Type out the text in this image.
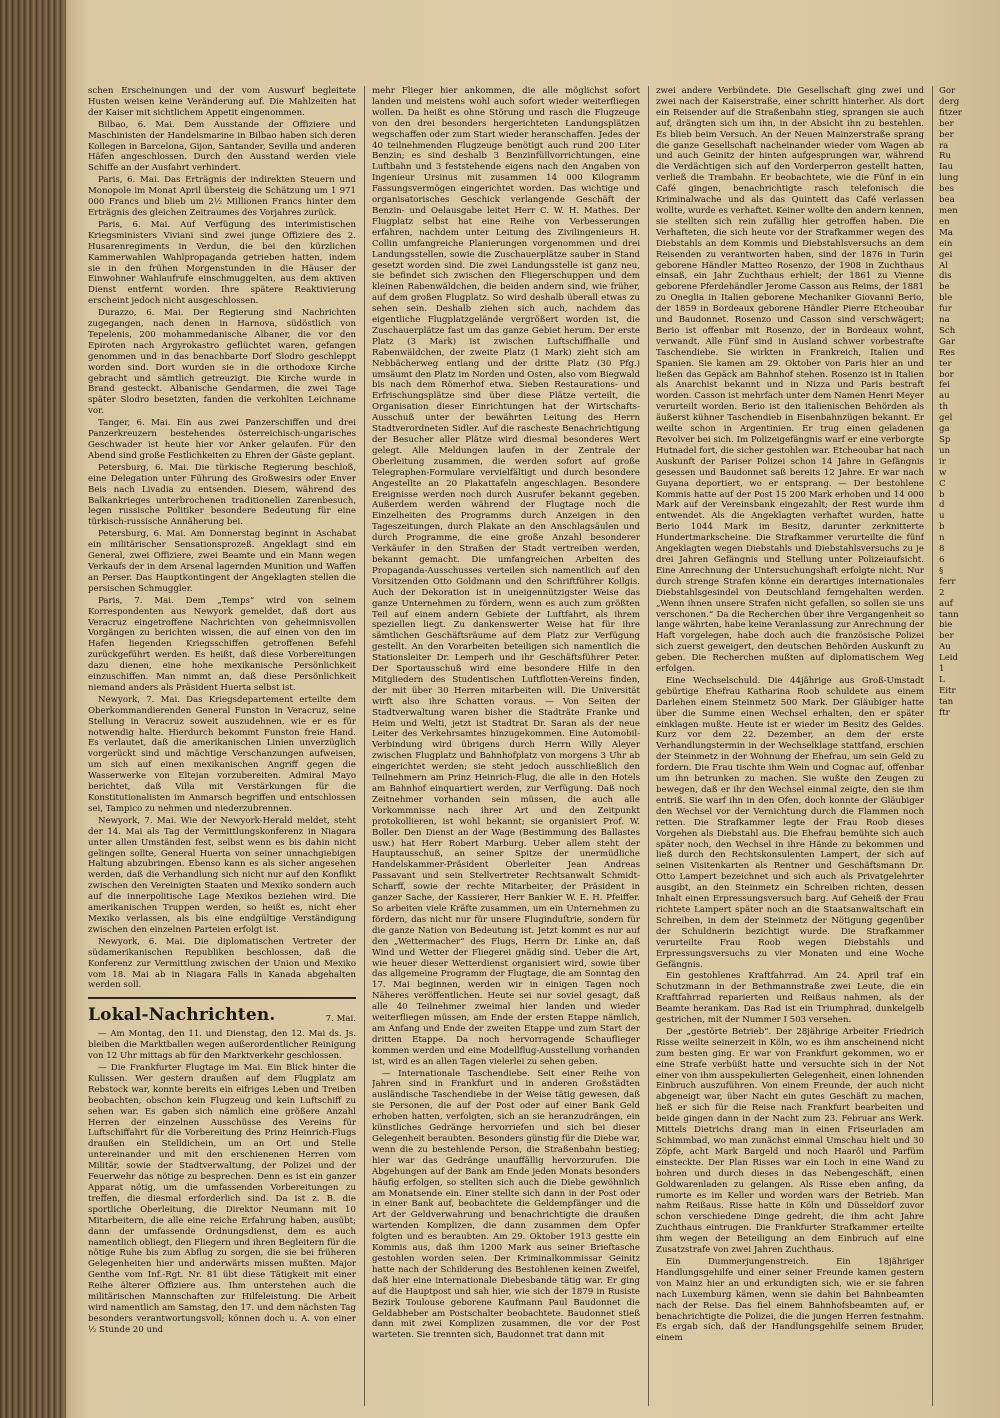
schen Erscheinungen und der vom Auswurf begleitete Husten weisen keine Veränderung auf. Die Mahlzeiten hat der Kaiser mit sichtlichem Appetit eingenommen.

Bilbao, 6. Mai. Dem Ausstande der Offiziere und Maschinisten der Handelsmarine in Bilbao haben sich deren Kollegen in Barcelona, Gijon, Santander, Sevilla und anderen Häfen angeschlossen. Durch den Ausstand werden viele Schiffe an der Ausfahrt verhindert.

Paris, 6. Mai. Das Erträgnis der indirekten Steuern und Monopole im Monat April übersteig die Schätzung um 1 971 000 Francs und blieb um 2½ Millionen Francs hinter dem Erträgnis des gleichen Zeitraumes des Vorjahres zurück.

Paris, 6. Mai. Auf Verfügung des interimistischen Kriegsministers Viviani sind zwei junge Offiziere des 2. Husarenregiments in Verdun, die bei den kürzlichen Kammerwahlen Wahlpropaganda getrieben hatten, indem sie in den frühen Morgenstunden in die Häuser der Einwohner Wahlaufrufe einschmuggelten, aus dem aktiven Dienst entfernt worden. Ihre spätere Reaktivierung erscheint jedoch nicht ausgeschlossen.

Durazzo, 6. Mai. Der Regierung sind Nachrichten zugegangen, nach denen in Harnova, südöstlich von Tepelenis, 200 mohammedanische Albaner, die vor den Epiroten nach Argyrokastro geflüchtet waren, gefangen genommen und in das benachbarte Dorf Slodro geschleppt worden sind. Dort wurden sie in die orthodoxe Kirche gebracht und sämtlich getreuzigt. Die Kirche wurde in Brand gesteckt. Albanische Gendarmen, die zwei Tage später Slodro besetzten, fanden die verkohlten Leichname vor.

Tanger, 6. Mai. Ein aus zwei Panzerschiffen und drei Panzerkreuzern bestehendes österreichisch-ungarisches Geschwader ist heute hier vor Anker gelaufen. Für den Abend sind große Festlichkeiten zu Ehren der Gäste geplant.

Petersburg, 6. Mai. Die türkische Regierung beschloß, eine Delegation unter Führung des Großwesirs oder Enver Beis nach Livadia zu entsenden. Diesem, während des Balkankrieges unterbrochenen traditionellen Zarenbesuch, legen russische Politiker besondere Bedeutung für eine türkisch-russische Annäherung bei.

Petersburg, 6. Mai. Am Donnerstag beginnt in Aschabat ein militärischer Sensationsprozeß. Angeklagt sind ein General, zwei Offiziere, zwei Beamte und ein Mann wegen Verkaufs der in dem Arsenal lagernden Munition und Waffen an Perser. Das Hauptkontingent der Angeklagten stellen die persischen Schmuggler.

Paris, 7. Mai. Dem „Temps“ wird von seinem Korrespondenten aus Newyork gemeldet, daß dort aus Veracruz eingetroffene Nachrichten von geheimnisvollen Vorgängen zu berichten wissen, die auf einen von den im Hafen liegenden Kriegsschiffen getroffenen Befehl zurückgeführt werden. Es heißt, daß diese Vorbereitungen dazu dienen, eine hohe mexikanische Persönlichkeit einzuschiffen. Man nimmt an, daß diese Persönlichkeit niemand anders als Präsident Huerta selbst ist.

Newyork, 7. Mai. Das Kriegsdepartement erteilte dem Oberkommandierenden General Funston in Veracruz, seine Stellung in Veracruz soweit auszudehnen, wie er es für notwendig halte. Hierdurch bekommt Funston freie Hand. Es verlautet, daß die amerikanischen Linien unverzüglich vorgerückt sind und mächtige Verschanzungen aufweisen, um sich auf einen mexikanischen Angriff gegen die Wasserwerke von Eltejan vorzubereiten. Admiral Mayo berichtet, daß Villa mit Verstärkungen für die Konstitutionalisten im Anmarsch begriffen und entschlossen sei, Tampico zu nehmen und niederzubrennen.

Newyork, 7. Mai. Wie der Newyork-Herald meldet, steht der 14. Mai als Tag der Vermittlungskonferenz in Niagara unter allen Umständen fest, selbst wenn es bis dahin nicht gelingen sollte, General Huerta von seiner unnachgiebigen Haltung abzubringen. Ebenso kann es als sicher angesehen werden, daß die Verhandlung sich nicht nur auf den Konflikt zwischen den Vereinigten Staaten und Mexiko sondern auch auf die innerpolitische Lage Mexikos beziehen wird. Die amerikanischen Truppen werden, so heißt es, nicht eher Mexiko verlassen, als bis eine endgültige Verständigung zwischen den einzelnen Parteien erfolgt ist.

Newyork, 6. Mai. Die diplomatischen Vertreter der südamerikanischen Republiken beschlossen, daß die Konferenz zur Vermittlung zwischen der Union und Mexiko vom 18. Mai ab in Niagara Falls in Kanada abgehalten werden soll.

Lokal-Nachrichten.	7. Mai.

— Am Montag, den 11. und Dienstag, den 12. Mai ds. Js. bleiben die Marktballen wegen außerordentlicher Reinigung von 12 Uhr mittags ab für den Marktverkehr geschlossen.

— Die Frankfurter Flugtage im Mai. Ein Blick hinter die Kulissen. Wer gestern draußen auf dem Flugplatz am Rebstock war, konnte bereits ein eifriges Leben und Treiben beobachten, obschon kein Flugzeug und kein Luftschiff zu sehen war. Es gaben sich nämlich eine größere Anzahl Herren der einzelnen Ausschüsse des Vereins für Luftschiffahrt für die Vorbereitung des Prinz Heinrich-Flugs draußen ein Stelldichein, um an Ort und Stelle untereinander und mit den erschienenen Herren vom Militär, sowie der Stadtverwaltung, der Polizei und der Feuerwehr das nötige zu besprechen. Denn es ist ein ganzer Apparat nötig, um die umfassenden Vorbereitungen zu treffen, die diesmal erforderlich sind. Da ist z. B. die sportliche Oberleitung, die Direktor Neumann mit 10 Mitarbeitern, die alle eine reiche Erfahrung haben, ausübt; dann der umfassende Ordnungsdienst, dem es auch namentlich obliegt, den Fliegern und ihren Begleitern für die nötige Ruhe bis zum Abflug zu sorgen, die sie bei früheren Gelegenheiten hier und anderwärts missen mußten. Major Genthe vom Inf.-Rgt. Nr. 81 übt diese Tätigkeit mit einer Reihe älterer Offiziere aus. Ihm unterstehen auch die militärischen Mannschaften zur Hilfeleistung. Die Arbeit wird namentlich am Samstag, den 17. und dem nächsten Tag besonders verantwortungsvoll; können doch u. A. von einer ½ Stunde 20 und

mehr Flieger hier ankommen, die alle möglichst sofort landen und meistens wohl auch sofort wieder weiterfliegen wollen. Da heißt es ohne Störung und rasch die Flugzeuge von den drei besonders hergerichteten Landungsplätzen wegschaffen oder zum Start wieder heranschaffen. Jedes der 40 teilnehmenden Flugzeuge benötigt auch rund 200 Liter Benzin; es sind deshalb 3 Benzinfüllvorrichtungen, eine Luftbahn und 3 feststehende eigens nach den Angaben von Ingenieur Ursinus mit zusammen 14 000 Kilogramm Fassungsvermögen eingerichtet worden. Das wichtige und organisatorisches Geschick verlangende Geschäft der Benzin- und Oelausgabe leitet Herr C. W. H. Mathes. Der Flugplatz selbst hat eine Reihe von Verbesserungen erfahren, nachdem unter Leitung des Zivilingenieurs H. Collin umfangreiche Planierungen vorgenommen und drei Landungsstellen, sowie die Zuschauerplätze sauber in Stand gesetzt worden sind. Die zwei Landungsstelle ist ganz neu, sie befindet sich zwischen den Fliegerschuppen und dem kleinen Rabenwäldchen, die beiden andern sind, wie früher, auf dem großen Flugplatz. So wird deshalb überall etwas zu sehen sein. Deshalb ziehen sich auch, nachdem das eigentliche Flugplatzgelände vergrößert worden ist, die Zuschauerplätze fast um das ganze Gebiet herum. Der erste Platz (3 Mark) ist zwischen Luftschiffhalle und Rabenwäldchen, der zweite Platz (1 Mark) zieht sich am Nebbächerweg entlang und der dritte Platz (30 Pfg.) umsäumt den Platz im Norden und Osten, also vom Biegwald bis nach dem Römerhof etwa. Sieben Restaurations- und Erfrischungsplätze sind über diese Plätze verteilt, die Organisation dieser Einrichtungen hat der Wirtschafts-Ausschuß unter der bewährten Leitung des Herrn Stadtverordneten Sidler. Auf die rascheste Benachrichtigung der Besucher aller Plätze wird diesmal besonderes Wert gelegt. Alle Meldungen laufen in der Zentrale der Oberleitung zusammen, die werden sofort auf große Telegraphen-Formulare vervielfältigt und durch besondere Angestellte an 20 Plakattafeln angeschlagen. Besondere Ereignisse werden noch durch Ausrufer bekannt gegeben. Außerdem werden während der Flugtage noch die Einzelheiten des Programms durch Anzeigen in den Tageszeitungen, durch Plakate an den Anschlagsäulen und durch Programme, die eine große Anzahl besonderer Verkäufer in den Straßen der Stadt vertreiben werden, bekannt gemacht. Die umfangreichen Arbeiten des Propaganda-Ausschusses verteilen sich namentlich auf den Vorsitzenden Otto Goldmann und den Schriftführer Kollgis. Auch der Dekoration ist in uneigennützigster Weise das ganze Unternehmen zu fördern, wenn es auch zum größten Teil auf einem andern Gebiete der Luftfahrt, als ihrem speziellen liegt. Zu dankenswerter Weise hat für ihre sämtlichen Geschäftsräume auf dem Platz zur Verfügung gestellt. An den Vorarbeiten beteiligen sich namentlich die Stationsleiter Dr. Lemperh und ihr Geschäftsführer Peter. Der Sportausschuß wird eine besondere Hilfe in den Mitgliedern des Studentischen Luftflotten-Vereins finden, der mit über 30 Herren mitarbeiten will. Die Universität wirft also ihre Schatten voraus. — Von Seiten der Stadtverwaltung waren bisher die Stadträte Franke und Heim und Welti, jetzt ist Stadtrat Dr. Saran als der neue Leiter des Verkehrsamtes hinzugekommen. Eine Automobil-Verbindung wird übrigens durch Herrn Willy Aleyer zwischen Flugplatz und Bahnhofplatz von morgens 3 Uhr ab eingerichtet werden; sie steht jedoch ausschließlich den Teilnehmern am Prinz Heinrich-Flug, die alle in den Hotels am Bahnhof einquartiert werden, zur Verfügung. Daß noch Zeitnehmer vorhanden sein müssen, die auch alle Vorkommnisse nach ihrer Art und den Zeitpunkt protokollieren, ist wohl bekannt; sie organisiert Prof. W. Boller. Den Dienst an der Wage (Bestimmung des Ballastes usw.) hat Herr Robert Marburg. Ueber allem steht der Hauptausschuß, an seiner Spitze der unermüdliche Handelskammer-Präsident Oberleiter Jean Andreas Passavant und sein Stellvertreter Rechtsanwalt Schmidt-Scharff, sowie der rechte Mitarbeiter, der Präsident in ganzer Sache, der Kassierer, Herr Bankier W. E. H. Pfeiffer. So arbeiten viele Kräfte zusammen, um ein Unternehmen zu fördern, das nicht nur für unsere Fluginduſtrie, sondern für die ganze Nation von Bedeutung ist. Jetzt kommt es nur auf den „Wettermacher“ des Flugs, Herrn Dr. Linke an, daß Wind und Wetter der Fliegerei gnädig sind. Ueber die Art, wie heuer dieser Wetterdienst organisiert wird, sowie über das allgemeine Programm der Flugtage, die am Sonntag den 17. Mai beginnen, werden wir in einigen Tagen noch Näheres veröffentlichen. Heute sei nur soviel gesagt, daß alle 40 Teilnehmer zweimal hier landen und wieder weiterfliegen müssen, am Ende der ersten Etappe nämlich, am Anfang und Ende der zweiten Etappe und zum Start der dritten Etappe. Da noch hervorragende Schauflieger kommen werden und eine Modellflug-Ausstellung vorhanden ist, wird es an allen Tagen vielerlei zu sehen geben.

— Internationale Taschendiebe. Seit einer Reihe von Jahren sind in Frankfurt und in anderen Großstädten ausländische Taschendiebe in der Weise tätig gewesen, daß sie Personen, die auf der Post oder auf einer Bank Geld erhoben hatten, verfolgten, sich an sie heranzudrängen, ein künstliches Gedränge hervorriefen und sich bei dieser Gelegenheit beraubten. Besonders günstig für die Diebe war, wenn die zu bestehlende Person, die Straßenbahn bestieg; hier war das Gedränge unauffällig hervorzurufen. Die Abgehungen auf der Bank am Ende jeden Monats besonders häufig erfolgen, so stellten sich auch die Diebe gewöhnlich am Monatsende ein. Einer stellte sich dann in der Post oder in einer Bank auf, beobachtete die Geldempfänger und die Art der Geldverwahrung und benachrichtigte die draußen wartenden Komplizen, die dann zusammen dem Opfer folgten und es beraubten. Am 29. Oktober 1913 gestte ein Kommis aus, daß ihm 1200 Mark aus seiner Brieftasche gestohlen worden seien. Der Kriminalkommissar Geinitz hatte nach der Schilderung des Bestohlenen keinen Zweifel, daß hier eine internationale Diebesbande tätig war. Er ging auf die Hauptpost und sah hier, wie sich der 1879 in Rusiste Bezirk Toulouse geborene Kaufmann Paul Baudonnet die Geldabheber am Postschalter beobachtete. Baudonnet stieß dann mit zwei Komplizen zusammen, die vor der Post warteten. Sie trennten sich, Baudonnet trat dann mit

zwei andere Verbündete. Die Gesellschaft ging zwei und zwei nach der Kaiserstraße, einer schritt hinterher. Als dort ein Reisender auf die Straßenbahn stieg, sprangen sie auch auf, drängten sich um ihn, in der Absicht ihn zu bestehlen. Es blieb beim Versuch. An der Neuen Mainzerstraße sprang die ganze Gesellschaft nacheinander wieder vom Wagen ab und auch Geinitz der hinten aufgesprungen war, während die Verdächtigen sich auf den Vorderperron gestellt hatten, verließ die Trambahn. Er beobachtete, wie die Fünf in ein Café gingen, benachrichtigte rasch telefonisch die Kriminalwache und als das Quintett das Café verlassen wollte, wurde es verhaftet. Keiner wollte den andern kennen, sie stellten sich rein zufällig hier getroffen haben. Die Verhafteten, die sich heute vor der Strafkammer wegen des Diebstahls an dem Kommis und Diebstahlsversuchs an dem Reisenden zu verantworten haben, sind der 1876 in Turin geborene Händler Matteo Rosenzo, der 1908 in Zuchthaus einsaß, ein Jahr Zuchthaus erhielt; der 1861 zu Vienne geborene Pferdehändler Jerome Casson aus Reims, der 1881 zu Oneglia in Italien geborene Mechaniker Giovanni Berio, der 1859 in Bordeaux geborene Händler Pierre Etcheoubar und Baudonnet. Rosenzo und Casson sind verschwägert; Berio ist offenbar mit Rosenzo, der in Bordeaux wohnt, verwandt. Alle Fünf sind in Ausland schwer vorbestrafte Taschendiebe. Sie wirkten in Frankreich, Italien und Spanien. Sie kamen am 29. Oktober von Paris hier an und ließen das Gepäck am Bahnhof stehen. Rosenzo ist in Italien als Anarchist bekannt und in Nizza und Paris bestraft worden. Casson ist mehrfach unter dem Namen Henri Meyer verurteilt worden. Berio ist den italienischen Behörden als äußerst kühner Taschendieb in Eisenbahnzügen bekannt. Er weilte schon in Argentinien. Er trug einen geladenen Revolver bei sich. Im Polizeigefängnis warf er eine verborgte Hutnadel fort, die sicher gestohlen war. Etcheoubar hat nach Auskunft der Pariser Polizei schon 14 Jahre in Gefängnis gesessen und Baudonnet saß bereits 12 Jahre. Er war nach Guyana deportiert, wo er entsprang. — Der bestohlene Kommis hatte auf der Post 15 200 Mark erhoben und 14 000 Mark auf der Vereinsbank eingezahlt; der Rest wurde ihm entwendet. Als die Angeklagten verhaftet wurden, hatte Berio 1044 Mark im Besitz, darunter zerknitterte Hundertmarkscheine. Die Strafkammer verurteilte die fünf Angeklagten wegen Diebstahls und Diebstahlsversuchs zu je drei Jahren Gefängnis und Stellung unter Polizeiaufsicht. Eine Anrechnung der Untersuchungshaft erfolgte nicht. Nur durch strenge Strafen könne ein derartiges internationales Diebstahlsgesindel von Deutschland ferngehalten werden. „Wenn ihnen unsere Strafen nicht gefallen, so sollen sie uns verschonen.“ Da die Recherchen über ihre Vergangenheit so lange währten, habe keine Veranlassung zur Anrechnung der Haft vorgelegen, habe doch auch die französische Polizei sich zuerst geweigert, den deutschen Behörden Auskunft zu geben. Die Recherchen mußten auf diplomatischem Weg erfolgen.

Eine Wechselschuld. Die 44jährige aus Groß-Umstadt gebürtige Ehefrau Katharina Roob schuldete aus einem Darlehen einem Steinmetz 500 Mark. Der Gläubiger hatte über die Summe einen Wechsel erhalten, den er später einklagen mußte. Heute ist er wieder im Besitz des Geldes. Kurz vor dem 22. Dezember, an dem der erste Verhandlungstermin in der Wechselklage stattfand, erschien der Steinmetz in der Wohnung der Ehefrau, um sein Geld zu fordern. Die Frau tischte ihm Wein und Cognac auf, offenbar um ihn betrunken zu machen. Sie wußte den Zeugen zu bewegen, daß er ihr den Wechsel einmal zeigte, den sie ihm entriß. Sie warf ihn in den Ofen, doch konnte der Gläubiger den Wechsel vor der Vernichtung durch die Flammen noch retten. Die Strafkammer legte der Frau Roob dieses Vorgehen als Diebstahl aus. Die Ehefrau bemühte sich auch später noch, den Wechsel in ihre Hände zu bekommen und ließ durch den Rechtskonsulenten Lampert, der sich auf seinen Visitenkarten als Rentner und Geschäftsmann Dr. Otto Lampert bezeichnet und sich auch als Privatgelehrter ausgibt, an den Steinmetz ein Schreiben richten, dessen Inhalt einen Erpressungsversuch barg. Auf Geheiß der Frau richtete Lampert später noch an die Staatsanwaltschaft ein Schreiben, in dem der Steinmetz der Nötigung gegenüber der Schuldnerin bezichtigt wurde. Die Strafkammer verurteilte Frau Roob wegen Diebstahls und Erpressungsversuchs zu vier Monaten und eine Woche Gefängnis.

Ein gestohlenes Kraftfahrrad. Am 24. April traf ein Schutzmann in der Bethmannstraße zwei Leute, die ein Kraftfahrrad reparierten und Reißaus nahmen, als der Beamte herankam. Das Rad ist ein Triumphrad, dunkelgelb gestrichen, mit der Nummer I 503 versehen.

Der „gestörte Betrieb“. Der 28jährige Arbeiter Friedrich Risse weilte seinerzeit in Köln, wo es ihm anscheinend nicht zum besten ging. Er war von Frankfurt gekommen, wo er eine Strafe verbüßt hatte und versuchte sich in der Not einer von ihm ausspekulierten Gelegenheit, einen lohnenden Einbruch auszuführen. Von einem Freunde, der auch nicht abgeneigt war, über Nacht ein gutes Geschäft zu machen, ließ er sich für die Reise nach Frankfurt bearbeiten und beide gingen dann in der Nacht zum 23. Februar ans Werk. Mittels Dietrichs drang man in einen Friseurladen am Schimmbad, wo man zunächst einmal Umschau hielt und 30 Zöpfe, acht Mark Bargeld und noch Haarôl und Parfüm einsteckte. Der Plan Risses war ein Loch in eine Wand zu bohren und durch dieses in das Nebengeschäft, einen Goldwarenladen zu gelangen. Als Risse eben anfing, da rumorte es im Keller und worden wars der Betrieb. Man nahm Reißaus. Risse hatte in Köln und Düsseldorf zuvor schon verschiedene Dinge gedreht, die ihm acht Jahre Zuchthaus eintrugen. Die Frankfurter Strafkammer erteilte ihm wegen der Beteiligung an dem Einbruch auf eine Zusatzstrafe von zwei Jahren Zuchthaus.

Ein Dummerjungenstreich. Ein 18jähriger Handlungsgehilfe und einer seiner Freunde kamen gestern von Mainz hier an und erkundigten sich, wie er sie fahren nach Luxemburg kämen, wenn sie dahin bei Bahnbeamten nach der Reise. Das fiel einem Bahnhofsbeamten auf, er benachrichtigte die Polizei, die die jungen Herren festnahm. Es ergab sich, daß der Handlungsgehilfe seinem Bruder, einem

Gor
derg
fitzer
ber
ber
ra
Ru
Iau
lung
bes
bea
men
en
Ma
ein
gei
Al
dis
be
ble
fur
na
Sch
Gar
Res
ter
bor
fei
au
th
gel
ga
Sp
un
ir
w
C
b
d
u
b
n
8
6
§
ferr
2
auf
tann
bie
ber
Au
Leid
1
L
Eitr
tan
ftr
